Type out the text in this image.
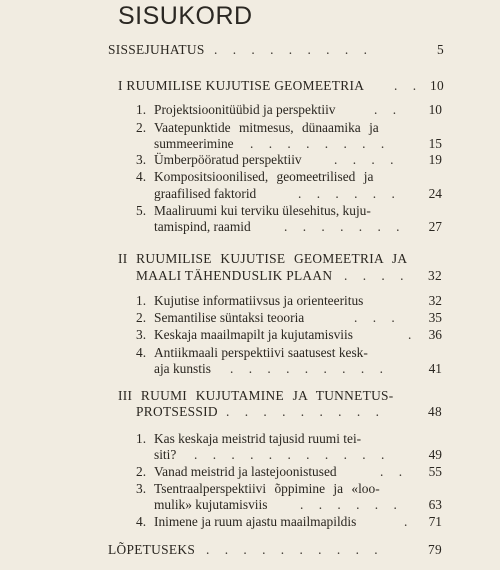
SISUKORD
SISSEJUHATUS . . . . . . . . .	5
I RUUMILISE KUJUTISE GEOMEETRIA . . 10
1. Projektsioonitüübid ja perspektiiv	. . 10
2. Vaatepunktide mitmesus, dünaamika ja
summeerimine . . . . . . . .	15
3. Ümberpööratud perspektiiv . . . . 19
4. Kompositsioonilised, geomeetrilised ja
graafilised faktorid	. . . . . . 24
5. Maaliruumi kui terviku ülesehitus, kuju-
tamispind, raamid . . . . . . . 27
II RUUMILISE KUJUTISE GEOMEETRIA JA
MAALI TÄHENDUSLIK PLAAN . . . . 32
1. Kujutise informatiivsus ja orienteeritus	32
2. Semantilise süntaksi teooria	. . . 35
3. Keskaja maailmapilt ja kujutamisviis	. 36
4. Antiikmaali perspektiivi saatusest kesk-
aja kunstis . . . . . . . . .	41
III RUUMI KUJUTAMINE JA TUNNETUS-
PROTSESSID . . . . . . . . .	48
1. Kas keskaja meistrid tajusid ruumi tei-
siti? . . . . . . . . . . .	49
2. Vanad meistrid ja lastejoonistused	. . 55
3. Tsentraalperspektiivi õppimine ja «loo-
mulik» kujutamisviis . . . . . . 63
4. Inimene ja ruum ajastu maailmapildis	. 71
LÕPETUSEKS . . . . . . . . . .	79
